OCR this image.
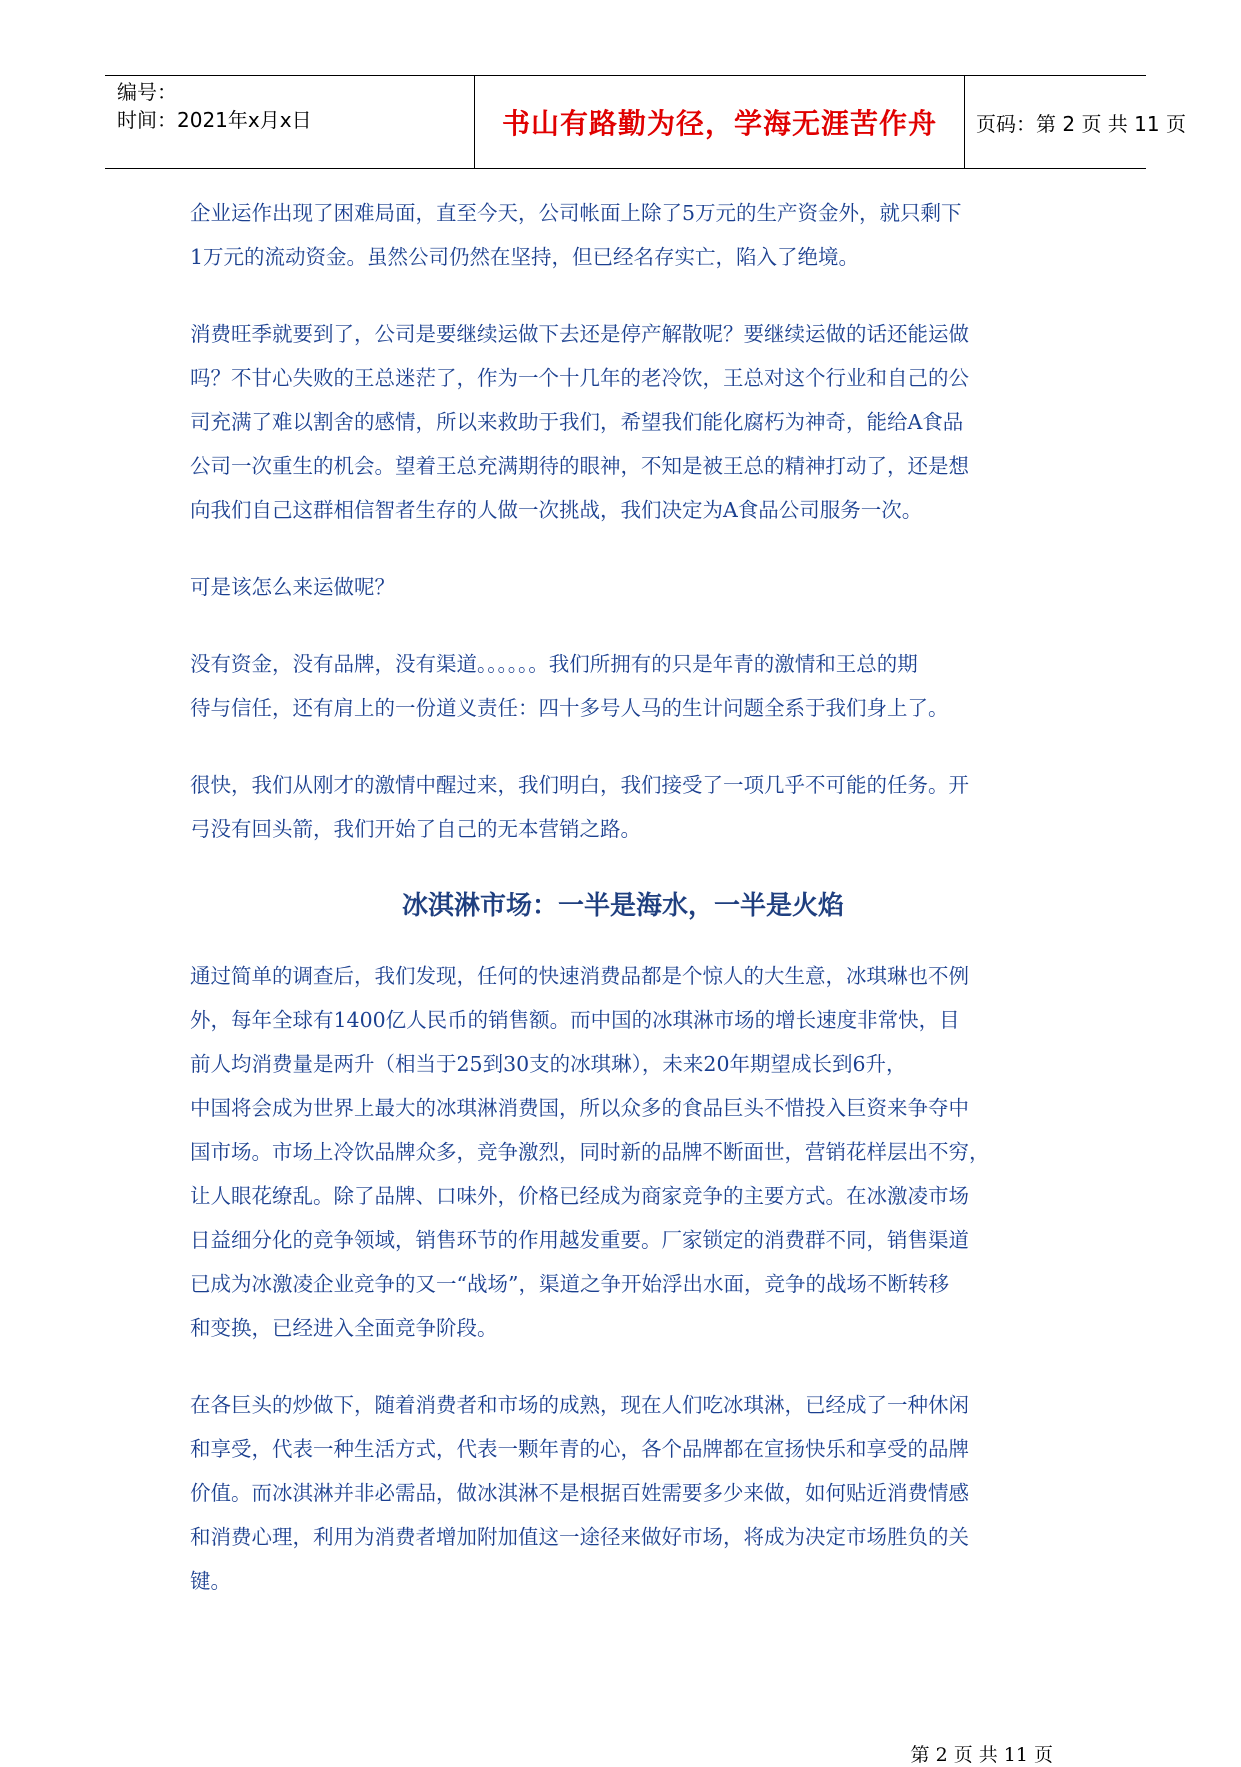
编号：
时间：2021年x月x日	书山有路勤为径，学海无涯苦作舟	页码：第 2 页 共 11 页

企业运作出现了困难局面，直至今天，公司帐面上除了5万元的生产资金外，就只剩下
1万元的流动资金。虽然公司仍然在坚持，但已经名存实亡，陷入了绝境。

消费旺季就要到了，公司是要继续运做下去还是停产解散呢？要继续运做的话还能运做
吗？不甘心失败的王总迷茫了，作为一个十几年的老冷饮，王总对这个行业和自己的公
司充满了难以割舍的感情，所以来救助于我们，希望我们能化腐朽为神奇，能给A食品
公司一次重生的机会。望着王总充满期待的眼神，不知是被王总的精神打动了，还是想
向我们自己这群相信智者生存的人做一次挑战，我们决定为A食品公司服务一次。

可是该怎么来运做呢？

没有资金，没有品牌，没有渠道。。。。。。我们所拥有的只是年青的激情和王总的期
待与信任，还有肩上的一份道义责任：四十多号人马的生计问题全系于我们身上了。

很快，我们从刚才的激情中醒过来，我们明白，我们接受了一项几乎不可能的任务。开
弓没有回头箭，我们开始了自己的无本营销之路。

冰淇淋市场：一半是海水，一半是火焰

通过简单的调查后，我们发现，任何的快速消费品都是个惊人的大生意，冰琪琳也不例
外，每年全球有1400亿人民币的销售额。而中国的冰琪淋市场的增长速度非常快，目
前人均消费量是两升（相当于25到30支的冰琪琳），未来20年期望成长到6升，
中国将会成为世界上最大的冰琪淋消费国，所以众多的食品巨头不惜投入巨资来争夺中
国市场。市场上冷饮品牌众多，竞争激烈，同时新的品牌不断面世，营销花样层出不穷，
让人眼花缭乱。除了品牌、口味外，价格已经成为商家竞争的主要方式。在冰激凌市场
日益细分化的竞争领域，销售环节的作用越发重要。厂家锁定的消费群不同，销售渠道
已成为冰激凌企业竞争的又一“战场”，渠道之争开始浮出水面，竞争的战场不断转移
和变换，已经进入全面竞争阶段。

在各巨头的炒做下，随着消费者和市场的成熟，现在人们吃冰琪淋，已经成了一种休闲
和享受，代表一种生活方式，代表一颗年青的心，各个品牌都在宣扬快乐和享受的品牌
价值。而冰淇淋并非必需品，做冰淇淋不是根据百姓需要多少来做，如何贴近消费情感
和消费心理，利用为消费者增加附加值这一途径来做好市场，将成为决定市场胜负的关
键。

第 2 页 共 11 页
